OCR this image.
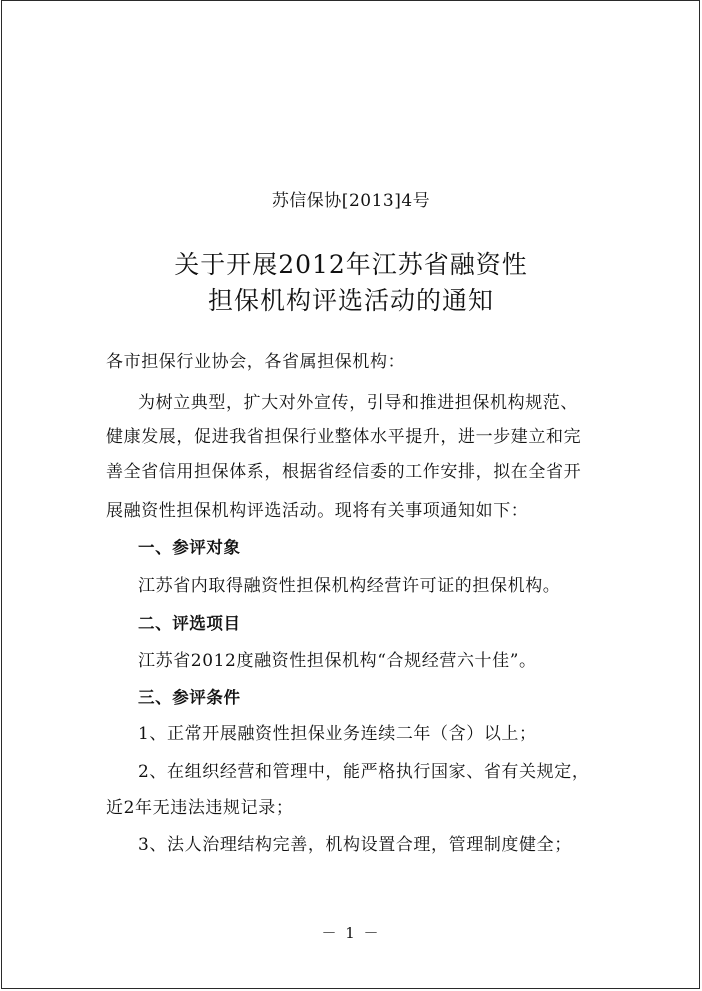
苏信保协[2013]4号
关于开展2012年江苏省融资性
担保机构评选活动的通知
各市担保行业协会，各省属担保机构：
为树立典型，扩大对外宣传，引导和推进担保机构规范、
健康发展，促进我省担保行业整体水平提升，进一步建立和完
善全省信用担保体系，根据省经信委的工作安排，拟在全省开
展融资性担保机构评选活动。现将有关事项通知如下：
一、参评对象
江苏省内取得融资性担保机构经营许可证的担保机构。
二、评选项目
江苏省2012度融资性担保机构“合规经营六十佳”。
三、参评条件
1、正常开展融资性担保业务连续二年（含）以上；
2、在组织经营和管理中，能严格执行国家、省有关规定，
近2年无违法违规记录；
3、法人治理结构完善，机构设置合理，管理制度健全；
－ 1 －
